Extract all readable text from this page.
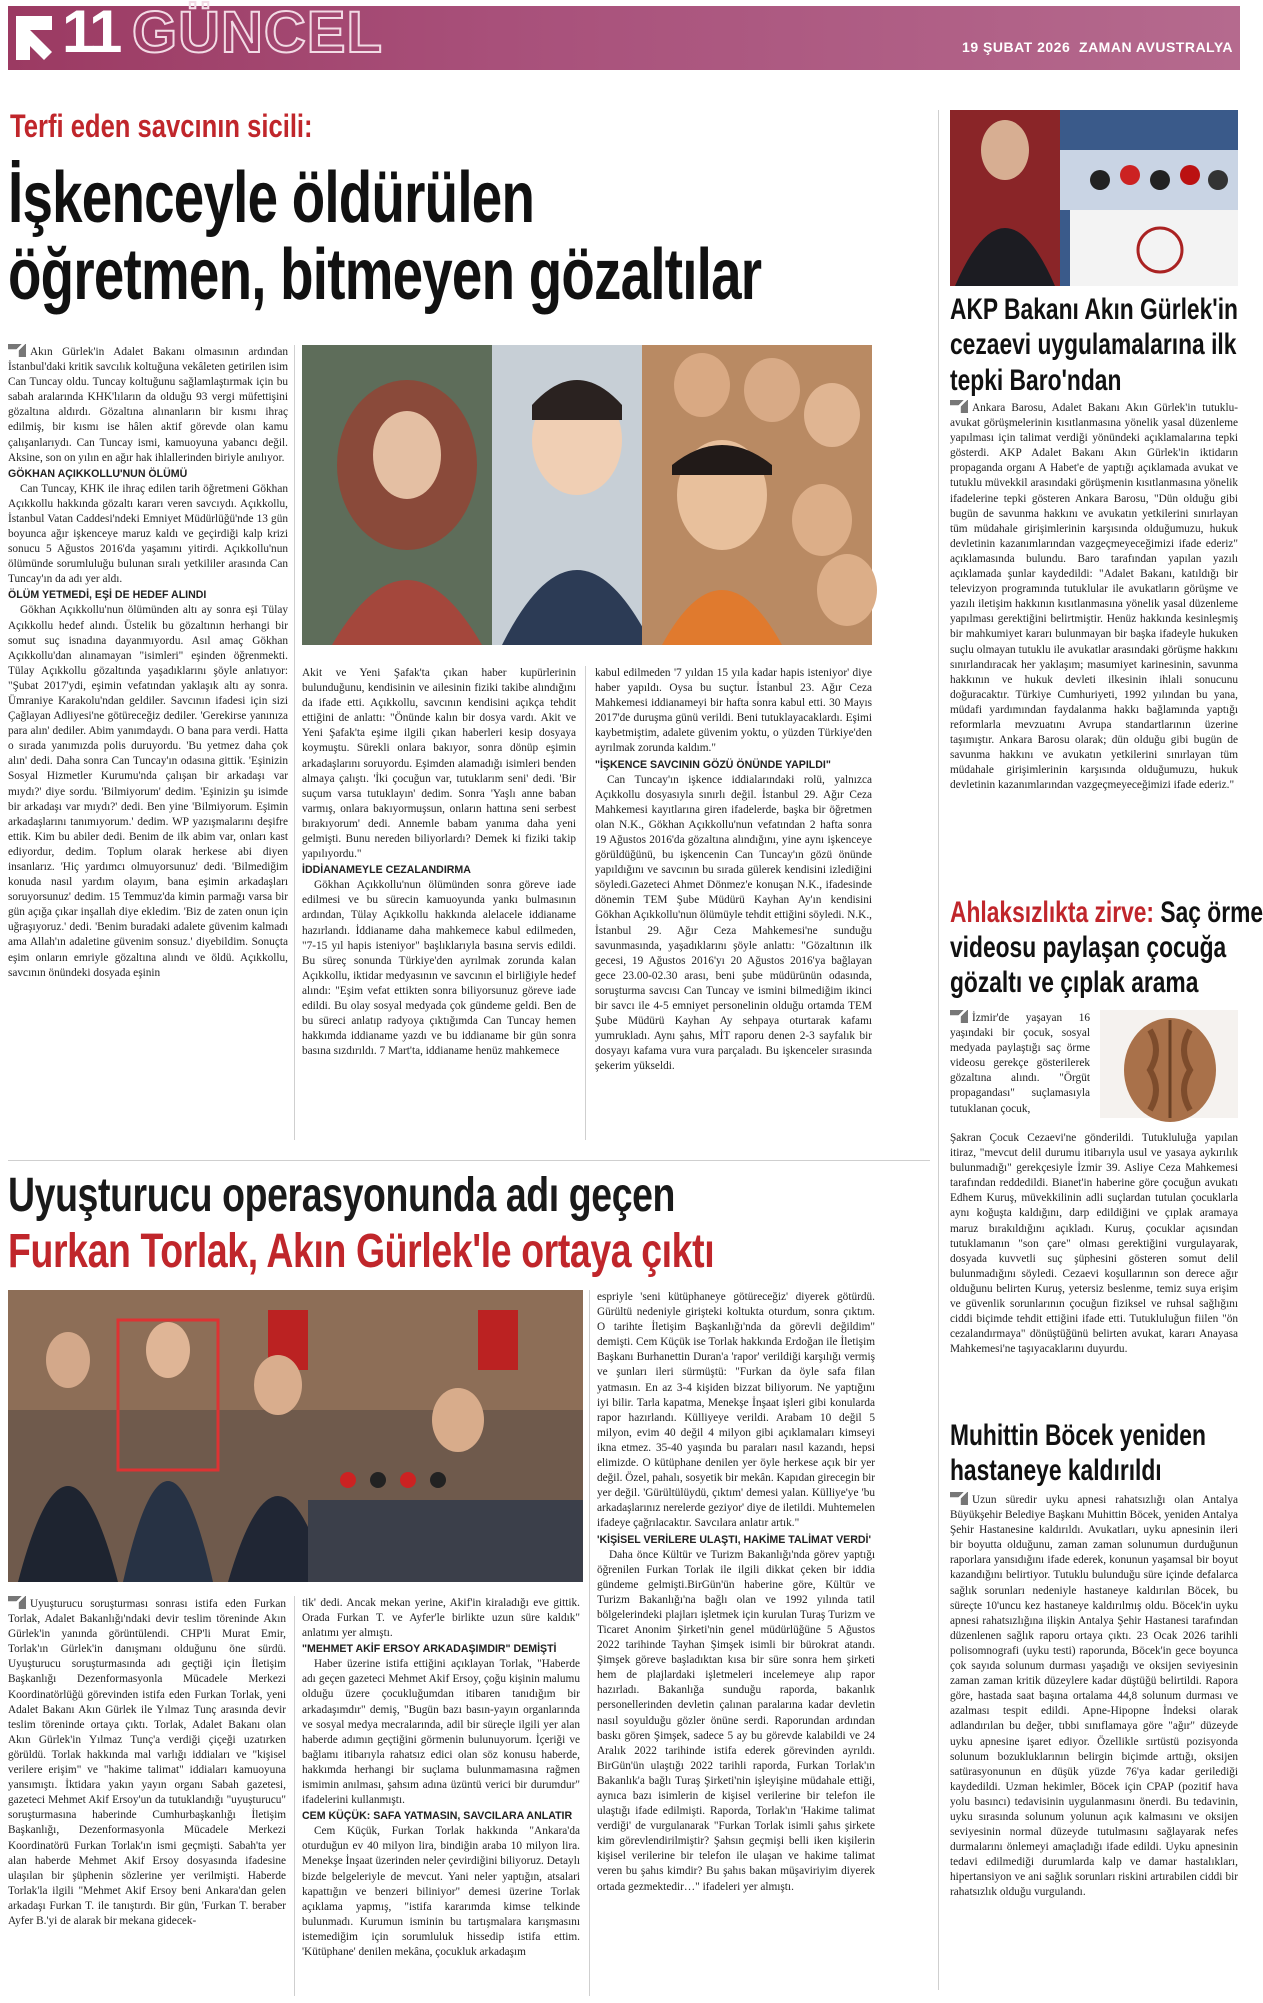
11 GÜNCEL	19 ŞUBAT 2026 ZAMAN AVUSTRALYA
Terfi eden savcının sicili:
İşkenceyle öldürülen
öğretmen, bitmeyen gözaltılar

Akın Gürlek'in Adalet Bakanı olmasının ardından İstanbul'daki kritik savcılık koltuğuna vekâleten getirilen isim Can Tuncay oldu. Tuncay koltuğunu sağlamlaştırmak için bu sabah aralarında KHK'lıların da olduğu 93 vergi müfettişini gözaltına aldırdı. Gözaltına alınanların bir kısmı ihraç edilmiş, bir kısmı ise hâlen aktif görevde olan kamu çalışanlarıydı. Can Tuncay ismi, kamuoyuna yabancı değil. Aksine, son on yılın en ağır hak ihlallerinden biriyle anılıyor.

GÖKHAN AÇIKKOLLU'NUN ÖLÜMÜ

Can Tuncay, KHK ile ihraç edilen tarih öğretmeni Gökhan Açıkkollu hakkında gözaltı kararı veren savcıydı. Açıkkollu, İstanbul Vatan Caddesi'ndeki Emniyet Müdürlüğü'nde 13 gün boyunca ağır işkenceye maruz kaldı ve geçirdiği kalp krizi sonucu 5 Ağustos 2016'da yaşamını yitirdi. Açıkkollu'nun ölümünde sorumluluğu bulunan sıralı yetkililer arasında Can Tuncay'ın da adı yer aldı.

ÖLÜM YETMEDİ, EŞİ DE HEDEF ALINDI

Gökhan Açıkkollu'nun ölümünden altı ay sonra eşi Tülay Açıkkollu hedef alındı. Üstelik bu gözaltının herhangi bir somut suç isnadına dayanmıyordu. Asıl amaç Gökhan Açıkkollu'dan alınamayan "isimleri" eşinden öğrenmekti. Tülay Açıkkollu gözaltında yaşadıklarını şöyle anlatıyor: "Şubat 2017'ydi, eşimin vefatından yaklaşık altı ay sonra. Ümraniye Karakolu'ndan geldiler. Savcının ifadesi için sizi Çağlayan Adliyesi'ne götüreceğiz dediler. 'Gerekirse yanınıza para alın' dediler. Abim yanımdaydı. O bana para verdi. Hatta o sırada yanımızda polis duruyordu. 'Bu yetmez daha çok alın' dedi. Daha sonra Can Tuncay'ın odasına gittik. 'Eşinizin Sosyal Hizmetler Kurumu'nda çalışan bir arkadaşı var mıydı?' diye sordu. 'Bilmiyorum' dedim. 'Eşinizin şu isimde bir arkadaşı var mıydı?' dedi. Ben yine 'Bilmiyorum. Eşimin arkadaşlarını tanımıyorum.' dedim. WP yazışmalarını deşifre ettik. Kim bu abiler dedi. Benim de ilk abim var, onları kast ediyordur, dedim. Toplum olarak herkese abi diyen insanlarız. 'Hiç yardımcı olmuyorsunuz' dedi. 'Bilmediğim konuda nasıl yardım olayım, bana eşimin arkadaşları soruyorsunuz' dedim. 15 Temmuz'da kimin parmağı varsa bir gün açığa çıkar inşallah diye ekledim. 'Biz de zaten onun için uğraşıyoruz.' dedi. 'Benim buradaki adalete güvenim kalmadı ama Allah'ın adaletine güvenim sonsuz.' diyebildim. Sonuçta eşim onların emriyle gözaltına alındı ve öldü. Açıkkollu, savcının önündeki dosyada eşinin

Akit ve Yeni Şafak'ta çıkan haber kupürlerinin bulunduğunu, kendisinin ve ailesinin fiziki takibe alındığını da ifade etti. Açıkkollu, savcının kendisini açıkça tehdit ettiğini de anlattı: "Önünde kalın bir dosya vardı. Akit ve Yeni Şafak'ta eşime ilgili çıkan haberleri kesip dosyaya koymuştu. Sürekli onlara bakıyor, sonra dönüp eşimin arkadaşlarını soruyordu. Eşimden alamadığı isimleri benden almaya çalıştı. 'İki çocuğun var, tutuklarım seni' dedi. 'Bir suçum varsa tutuklayın' dedim. Sonra 'Yaşlı anne baban varmış, onlara bakıyormuşsun, onların hattına seni serbest bırakıyorum' dedi. Annemle babam yanıma daha yeni gelmişti. Bunu nereden biliyorlardı? Demek ki fiziki takip yapılıyordu."

İDDİANAMEYLE CEZALANDIRMA

Gökhan Açıkkollu'nun ölümünden sonra göreve iade edilmesi ve bu sürecin kamuoyunda yankı bulmasının ardından, Tülay Açıkkollu hakkında alelacele iddianame hazırlandı. İddianame daha mahkemece kabul edilmeden, "7-15 yıl hapis isteniyor" başlıklarıyla basına servis edildi. Bu süreç sonunda Türkiye'den ayrılmak zorunda kalan Açıkkollu, iktidar medyasının ve savcının el birliğiyle hedef alındı: "Eşim vefat ettikten sonra biliyorsunuz göreve iade edildi. Bu olay sosyal medyada çok gündeme geldi. Ben de bu süreci anlatıp radyoya çıktığımda Can Tuncay hemen hakkımda iddianame yazdı ve bu iddianame bir gün sonra basına sızdırıldı. 7 Mart'ta, iddianame henüz mahkemece

kabul edilmeden '7 yıldan 15 yıla kadar hapis isteniyor' diye haber yapıldı. Oysa bu suçtur. İstanbul 23. Ağır Ceza Mahkemesi iddianameyi bir hafta sonra kabul etti. 30 Mayıs 2017'de duruşma günü verildi. Beni tutuklayacaklardı. Eşimi kaybetmiştim, adalete güvenim yoktu, o yüzden Türkiye'den ayrılmak zorunda kaldım."

"İŞKENCE SAVCININ GÖZÜ ÖNÜNDE YAPILDI"

Can Tuncay'ın işkence iddialarındaki rolü, yalnızca Açıkkollu dosyasıyla sınırlı değil. İstanbul 29. Ağır Ceza Mahkemesi kayıtlarına giren ifadelerde, başka bir öğretmen olan N.K., Gökhan Açıkkollu'nun vefatından 2 hafta sonra 19 Ağustos 2016'da gözaltına alındığını, yine aynı işkenceye görüldüğünü, bu işkencenin Can Tuncay'ın gözü önünde yapıldığını ve savcının bu sırada gülerek kendisini izlediğini söyledi.Gazeteci Ahmet Dönmez'e konuşan N.K., ifadesinde dönemin TEM Şube Müdürü Kayhan Ay'ın kendisini Gökhan Açıkkollu'nun ölümüyle tehdit ettiğini söyledi. N.K., İstanbul 29. Ağır Ceza Mahkemesi'ne sunduğu savunmasında, yaşadıklarını şöyle anlattı: "Gözaltının ilk gecesi, 19 Ağustos 2016'yı 20 Ağustos 2016'ya bağlayan gece 23.00-02.30 arası, beni şube müdürünün odasında, soruşturma savcısı Can Tuncay ve ismini bilmediğim ikinci bir savcı ile 4-5 emniyet personelinin olduğu ortamda TEM Şube Müdürü Kayhan Ay sehpaya oturtarak kafamı yumrukladı. Aynı şahıs, MİT raporu denen 2-3 sayfalık bir dosyayı kafama vura vura parçaladı. Bu işkenceler sırasında şekerim yükseldi.

AKP Bakanı Akın Gürlek'in cezaevi uygulamalarına ilk tepki Baro'ndan

Ankara Barosu, Adalet Bakanı Akın Gürlek'in tutuklu-avukat görüşmelerinin kısıtlanmasına yönelik yasal düzenleme yapılması için talimat verdiği yönündeki açıklamalarına tepki gösterdi. AKP Adalet Bakanı Akın Gürlek'in iktidarın propaganda organı A Habet'e de yaptığı açıklamada avukat ve tutuklu müvekkil arasındaki görüşmenin kısıtlanmasına yönelik ifadelerine tepki gösteren Ankara Barosu, "Dün olduğu gibi bugün de savunma hakkını ve avukatın yetkilerini sınırlayan tüm müdahale girişimlerinin karşısında olduğumuzu, hukuk devletinin kazanımlarından vazgeçmeyeceğimizi ifade ederiz" açıklamasında bulundu. Baro tarafından yapılan yazılı açıklamada şunlar kaydedildi: "Adalet Bakanı, katıldığı bir televizyon programında tutuklular ile avukatların görüşme ve yazılı iletişim hakkının kısıtlanmasına yönelik yasal düzenleme yapılması gerektiğini belirtmiştir. Henüz hakkında kesinleşmiş bir mahkumiyet kararı bulunmayan bir başka ifadeyle hukuken suçlu olmayan tutuklu ile avukatlar arasındaki görüşme hakkını sınırlandıracak her yaklaşım; masumiyet karinesinin, savunma hakkının ve hukuk devleti ilkesinin ihlali sonucunu doğuracaktır. Türkiye Cumhuriyeti, 1992 yılından bu yana, müdafi yardımından faydalanma hakkı bağlamında yaptığı reformlarla mevzuatını Avrupa standartlarının üzerine taşımıştır. Ankara Barosu olarak; dün olduğu gibi bugün de savunma hakkını ve avukatın yetkilerini sınırlayan tüm müdahale girişimlerinin karşısında olduğumuzu, hukuk devletinin kazanımlarından vazgeçmeyeceğimizi ifade ederiz."

Ahlaksızlıkta zirve: Saç örme
videosu paylaşan çocuğa
gözaltı ve çıplak arama

İzmir'de yaşayan 16 yaşındaki bir çocuk, sosyal medyada paylaştığı saç örme videosu gerekçe gösterilerek gözaltına alındı. "Örgüt propagandası" suçlamasıyla tutuklanan çocuk,

Şakran Çocuk Cezaevi'ne gönderildi. Tutukluluğa yapılan itiraz, "mevcut delil durumu itibarıyla usul ve yasaya aykırılık bulunmadığı" gerekçesiyle İzmir 39. Asliye Ceza Mahkemesi tarafından reddedildi. Bianet'in haberine göre çocuğun avukatı Edhem Kuruş, müvekkilinin adli suçlardan tutulan çocuklarla aynı koğuşta kaldığını, darp edildiğini ve çıplak aramaya maruz bırakıldığını açıkladı. Kuruş, çocuklar açısından tutuklamanın "son çare" olması gerektiğini vurgulayarak, dosyada kuvvetli suç şüphesini gösteren somut delil bulunmadığını söyledi. Cezaevi koşullarının son derece ağır olduğunu belirten Kuruş, yetersiz beslenme, temiz suya erişim ve güvenlik sorunlarının çocuğun fiziksel ve ruhsal sağlığını ciddi biçimde tehdit ettiğini ifade etti. Tutukluluğun fiilen "ön cezalandırmaya" dönüştüğünü belirten avukat, kararı Anayasa Mahkemesi'ne taşıyacaklarını duyurdu.

Muhittin Böcek yeniden
hastaneye kaldırıldı

Uzun süredir uyku apnesi rahatsızlığı olan Antalya Büyükşehir Belediye Başkanı Muhittin Böcek, yeniden Antalya Şehir Hastanesine kaldırıldı. Avukatları, uyku apnesinin ileri bir boyutta olduğunu, zaman zaman solunumun durduğunun raporlara yansıdığını ifade ederek, konunun yaşamsal bir boyut kazandığını belirtiyor. Tutuklu bulunduğu süre içinde defalarca sağlık sorunları nedeniyle hastaneye kaldırılan Böcek, bu süreçte 10'uncu kez hastaneye kaldırılmış oldu. Böcek'in uyku apnesi rahatsızlığına ilişkin Antalya Şehir Hastanesi tarafından düzenlenen sağlık raporu ortaya çıktı. 23 Ocak 2026 tarihli polisomnografi (uyku testi) raporunda, Böcek'in gece boyunca çok sayıda solunum durması yaşadığı ve oksijen seviyesinin zaman zaman kritik düzeylere kadar düştüğü belirtildi. Rapora göre, hastada saat başına ortalama 44,8 solunum durması ve azalması tespit edildi. Apne-Hipopne İndeksi olarak adlandırılan bu değer, tıbbi sınıflamaya göre "ağır" düzeyde uyku apnesine işaret ediyor. Özellikle sırtüstü pozisyonda solunum bozukluklarının belirgin biçimde arttığı, oksijen satürasyonunun en düşük yüzde 76'ya kadar gerilediği kaydedildi. Uzman hekimler, Böcek için CPAP (pozitif hava yolu basıncı) tedavisinin uygulanmasını önerdi. Bu tedavinin, uyku sırasında solunum yolunun açık kalmasını ve oksijen seviyesinin normal düzeyde tutulmasını sağlayarak nefes durmalarını önlemeyi amaçladığı ifade edildi. Uyku apnesinin tedavi edilmediği durumlarda kalp ve damar hastalıkları, hipertansiyon ve ani sağlık sorunları riskini artırabilen ciddi bir rahatsızlık olduğu vurgulandı.

Uyuşturucu operasyonunda adı geçen
Furkan Torlak, Akın Gürlek'le ortaya çıktı

Uyuşturucu soruşturması sonrası istifa eden Furkan Torlak, Adalet Bakanlığı'ndaki devir teslim töreninde Akın Gürlek'in yanında görüntülendi. CHP'li Murat Emir, Torlak'ın Gürlek'in danışmanı olduğunu öne sürdü. Uyuşturucu soruşturmasında adı geçtiği için İletişim Başkanlığı Dezenformasyonla Mücadele Merkezi Koordinatörlüğü görevinden istifa eden Furkan Torlak, yeni Adalet Bakanı Akın Gürlek ile Yılmaz Tunç arasında devir teslim töreninde ortaya çıktı. Torlak, Adalet Bakanı olan Akın Gürlek'in Yılmaz Tunç'a verdiği çiçeği uzatırken görüldü. Torlak hakkında mal varlığı iddiaları ve "kişisel verilere erişim" ve "hakime talimat" iddiaları kamuoyuna yansımıştı. İktidara yakın yayın organı Sabah gazetesi, gazeteci Mehmet Akif Ersoy'un da tutuklandığı "uyuşturucu" soruşturmasına haberinde Cumhurbaşkanlığı İletişim Başkanlığı, Dezenformasyonla Mücadele Merkezi Koordinatörü Furkan Torlak'ın ismi geçmişti. Sabah'ta yer alan haberde Mehmet Akif Ersoy dosyasında ifadesine ulaşılan bir şüphenin sözlerine yer verilmişti. Haberde Torlak'la ilgili "Mehmet Akif Ersoy beni Ankara'dan gelen arkadaşı Furkan T. ile tanıştırdı. Bir gün, 'Furkan T. beraber Ayfer B.'yi de alarak bir mekana gidecek-

tik' dedi. Ancak mekan yerine, Akif'in kiraladığı eve gittik. Orada Furkan T. ve Ayfer'le birlikte uzun süre kaldık" anlatımı yer almıştı.

"MEHMET AKİF ERSOY ARKADAŞIMDIR" DEMİŞTİ

Haber üzerine istifa ettiğini açıklayan Torlak, "Haberde adı geçen gazeteci Mehmet Akif Ersoy, çoğu kişinin malumu olduğu üzere çocukluğumdan itibaren tanıdığım bir arkadaşımdır" demiş, "Bugün bazı basın-yayın organlarında ve sosyal medya mecralarında, adil bir süreçle ilgili yer alan haberde adımın geçtiğini görmenin bulunuyorum. İçeriği ve bağlamı itibarıyla rahatsız edici olan söz konusu haberde, hakkımda herhangi bir suçlama bulunmamasına rağmen ismimin anılması, şahsım adına üzüntü verici bir durumdur" ifadelerini kullanmıştı.

CEM KÜÇÜK: SAFA YATMASIN, SAVCILARA ANLATIR

Cem Küçük, Furkan Torlak hakkında "Ankara'da oturduğun ev 40 milyon lira, bindiğin araba 10 milyon lira. Menekşe İnşaat üzerinden neler çevirdiğini biliyoruz. Detaylı bizde belgeleriyle de mevcut. Yani neler yaptığın, atsalari kapattığın ve benzeri biliniyor" demesi üzerine Torlak açıklama yapmış, "istifa kararımda kimse telkinde bulunmadı. Kurumun isminin bu tartışmalara karışmasını istemediğim için sorumluluk hissedip istifa ettim. 'Kütüphane' denilen mekâna, çocukluk arkadaşım

espriyle 'seni kütüphaneye götüreceğiz' diyerek götürdü. Gürültü nedeniyle girişteki koltukta oturdum, sonra çıktım. O tarihte İletişim Başkanlığı'nda da görevli değildim" demişti. Cem Küçük ise Torlak hakkında Erdoğan ile İletişim Başkanı Burhanettin Duran'a 'rapor' verildiği karşılığı vermiş ve şunları ileri sürmüştü: "Furkan da öyle safa filan yatmasın. En az 3-4 kişiden bizzat biliyorum. Ne yaptığını iyi bilir. Tarla kapatma, Menekşe İnşaat işleri gibi konularda rapor hazırlandı. Külliyeye verildi. Arabam 10 değil 5 milyon, evim 40 değil 4 milyon gibi açıklamaları kimseyi ikna etmez. 35-40 yaşında bu paraları nasıl kazandı, hepsi elimizde. O kütüphane denilen yer öyle herkese açık bir yer değil. Özel, pahalı, sosyetik bir mekân. Kapıdan girecegin bir yer değil. 'Gürültülüydü, çıktım' demesi yalan. Külliye'ye 'bu arkadaşlarınız nerelerde geziyor' diye de iletildi. Muhtemelen ifadeye çağrılacaktır. Savcılara anlatır artık."

'KİŞİSEL VERİLERE ULAŞTI, HAKİME TALİMAT VERDİ'

Daha önce Kültür ve Turizm Bakanlığı'nda görev yaptığı öğrenilen Furkan Torlak ile ilgili dikkat çeken bir iddia gündeme gelmişti.BirGün'ün haberine göre, Kültür ve Turizm Bakanlığı'na bağlı olan ve 1992 yılında tatil bölgelerindeki plajları işletmek için kurulan Turaş Turizm ve Ticaret Anonim Şirketi'nin genel müdürlüğüne 5 Ağustos 2022 tarihinde Tayhan Şimşek isimli bir bürokrat atandı. Şimşek göreve başladıktan kısa bir süre sonra hem şirketi hem de plajlardaki işletmeleri incelemeye alıp rapor hazırladı. Bakanlığa sunduğu raporda, bakanlık personellerinden devletin çalınan paralarına kadar devletin nasıl soyulduğu gözler önüne serdi. Raporundan ardından baskı gören Şimşek, sadece 5 ay bu görevde kalabildi ve 24 Aralık 2022 tarihinde istifa ederek görevinden ayrıldı. BirGün'ün ulaştığı 2022 tarihli raporda, Furkan Torlak'ın Bakanlık'a bağlı Turaş Şirketi'nin işleyişine müdahale ettiği, aynıca bazı isimlerin de kişisel verilerine bir telefon ile ulaştığı ifade edilmişti. Raporda, Torlak'ın 'Hakime talimat verdiği' de vurgulanarak "Furkan Torlak isimli şahıs şirkete kim görevlendirilmiştir? Şahsın geçmişi belli iken kişilerin kişisel verilerine bir telefon ile ulaşan ve hakime talimat veren bu şahıs kimdir? Bu şahıs bakan müşaviriyim diyerek ortada gezmektedir…" ifadeleri yer almıştı.
